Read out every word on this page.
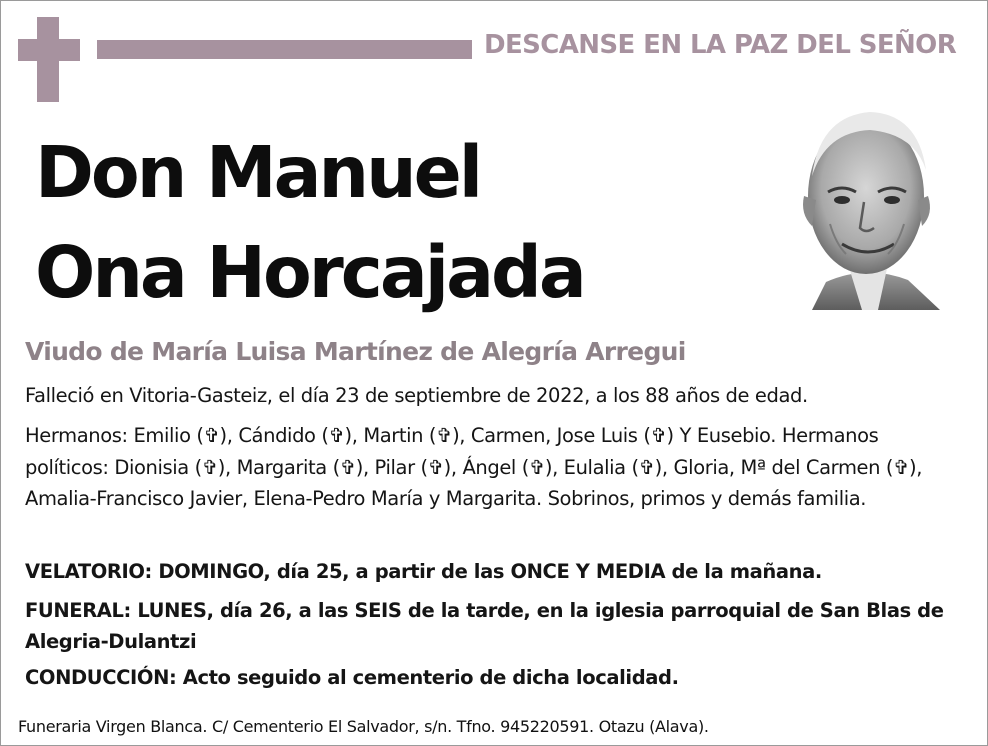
DESCANSE EN LA PAZ DEL SEÑOR
Don Manuel
Ona Horcajada
Viudo de María Luisa Martínez de Alegría Arregui
Falleció en Vitoria-Gasteiz, el día 23 de septiembre de 2022, a los 88 años de edad.
Hermanos: Emilio (✞), Cándido (✞), Martin (✞), Carmen, Jose Luis (✞) Y Eusebio. Hermanos políticos: Dionisia (✞), Margarita (✞), Pilar (✞), Ángel (✞), Eulalia (✞), Gloria, Mª del Carmen (✞), Amalia-Francisco Javier, Elena-Pedro María y Margarita. Sobrinos, primos y demás familia.
VELATORIO: DOMINGO, día 25, a partir de las ONCE Y MEDIA de la mañana.
FUNERAL: LUNES, día 26, a las SEIS de la tarde, en la iglesia parroquial de San Blas de Alegria-Dulantzi
CONDUCCIÓN: Acto seguido al cementerio de dicha localidad.
Funeraria Virgen Blanca. C/ Cementerio El Salvador, s/n. Tfno. 945220591. Otazu (Alava).
